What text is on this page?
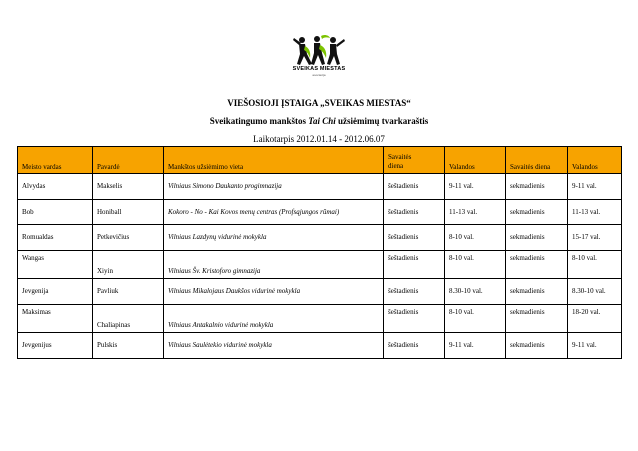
SVEIKAS MIESTAS
asociacija
VIEŠOSIOJI ĮSTAIGA „SVEIKAS MIESTAS“
Sveikatingumo mankštos Tai Chi užsiėmimų tvarkaraštis
Laikotarpis 2012.01.14 - 2012.06.07
Meisto vardas	Pavardė	Mankštos užsiėmimo vieta	Savaitės
diena	Valandos	Savaitės diena	Valandos
Alvydas	Makselis	Vilniaus Simono Daukanto progimnazija	šeštadienis	9-11 val.	sekmadienis	9-11 val.
Bob	Honiball	Kokoro - No - Kai Kovos menų centras (Profsąjungos rūmai)	šeštadienis	11-13 val.	sekmadienis	11-13 val.
Romualdas	Petkevičius	Vilniaus Lazdynų vidurinė mokykla	šeštadienis	8-10 val.	sekmadienis	15-17 val.
Wangas	Xiyin	Vilniaus Šv. Kristoforo gimnazija	šeštadienis	8-10 val.	sekmadienis	8-10 val.
Jevgenija	Pavliuk	Vilniaus Mikalojaus Daukšos vidurinė mokykla	šeštadienis	8.30-10 val.	sekmadienis	8.30-10 val.
Maksimas	Chaliapinas	Vilniaus Antakalnio vidurinė mokykla	šeštadienis	8-10 val.	sekmadienis	18-20 val.
Jevgenijus	Pulskis	Vilniaus Saulėtekio vidurinė mokykla	šeštadienis	9-11 val.	sekmadienis	9-11 val.
